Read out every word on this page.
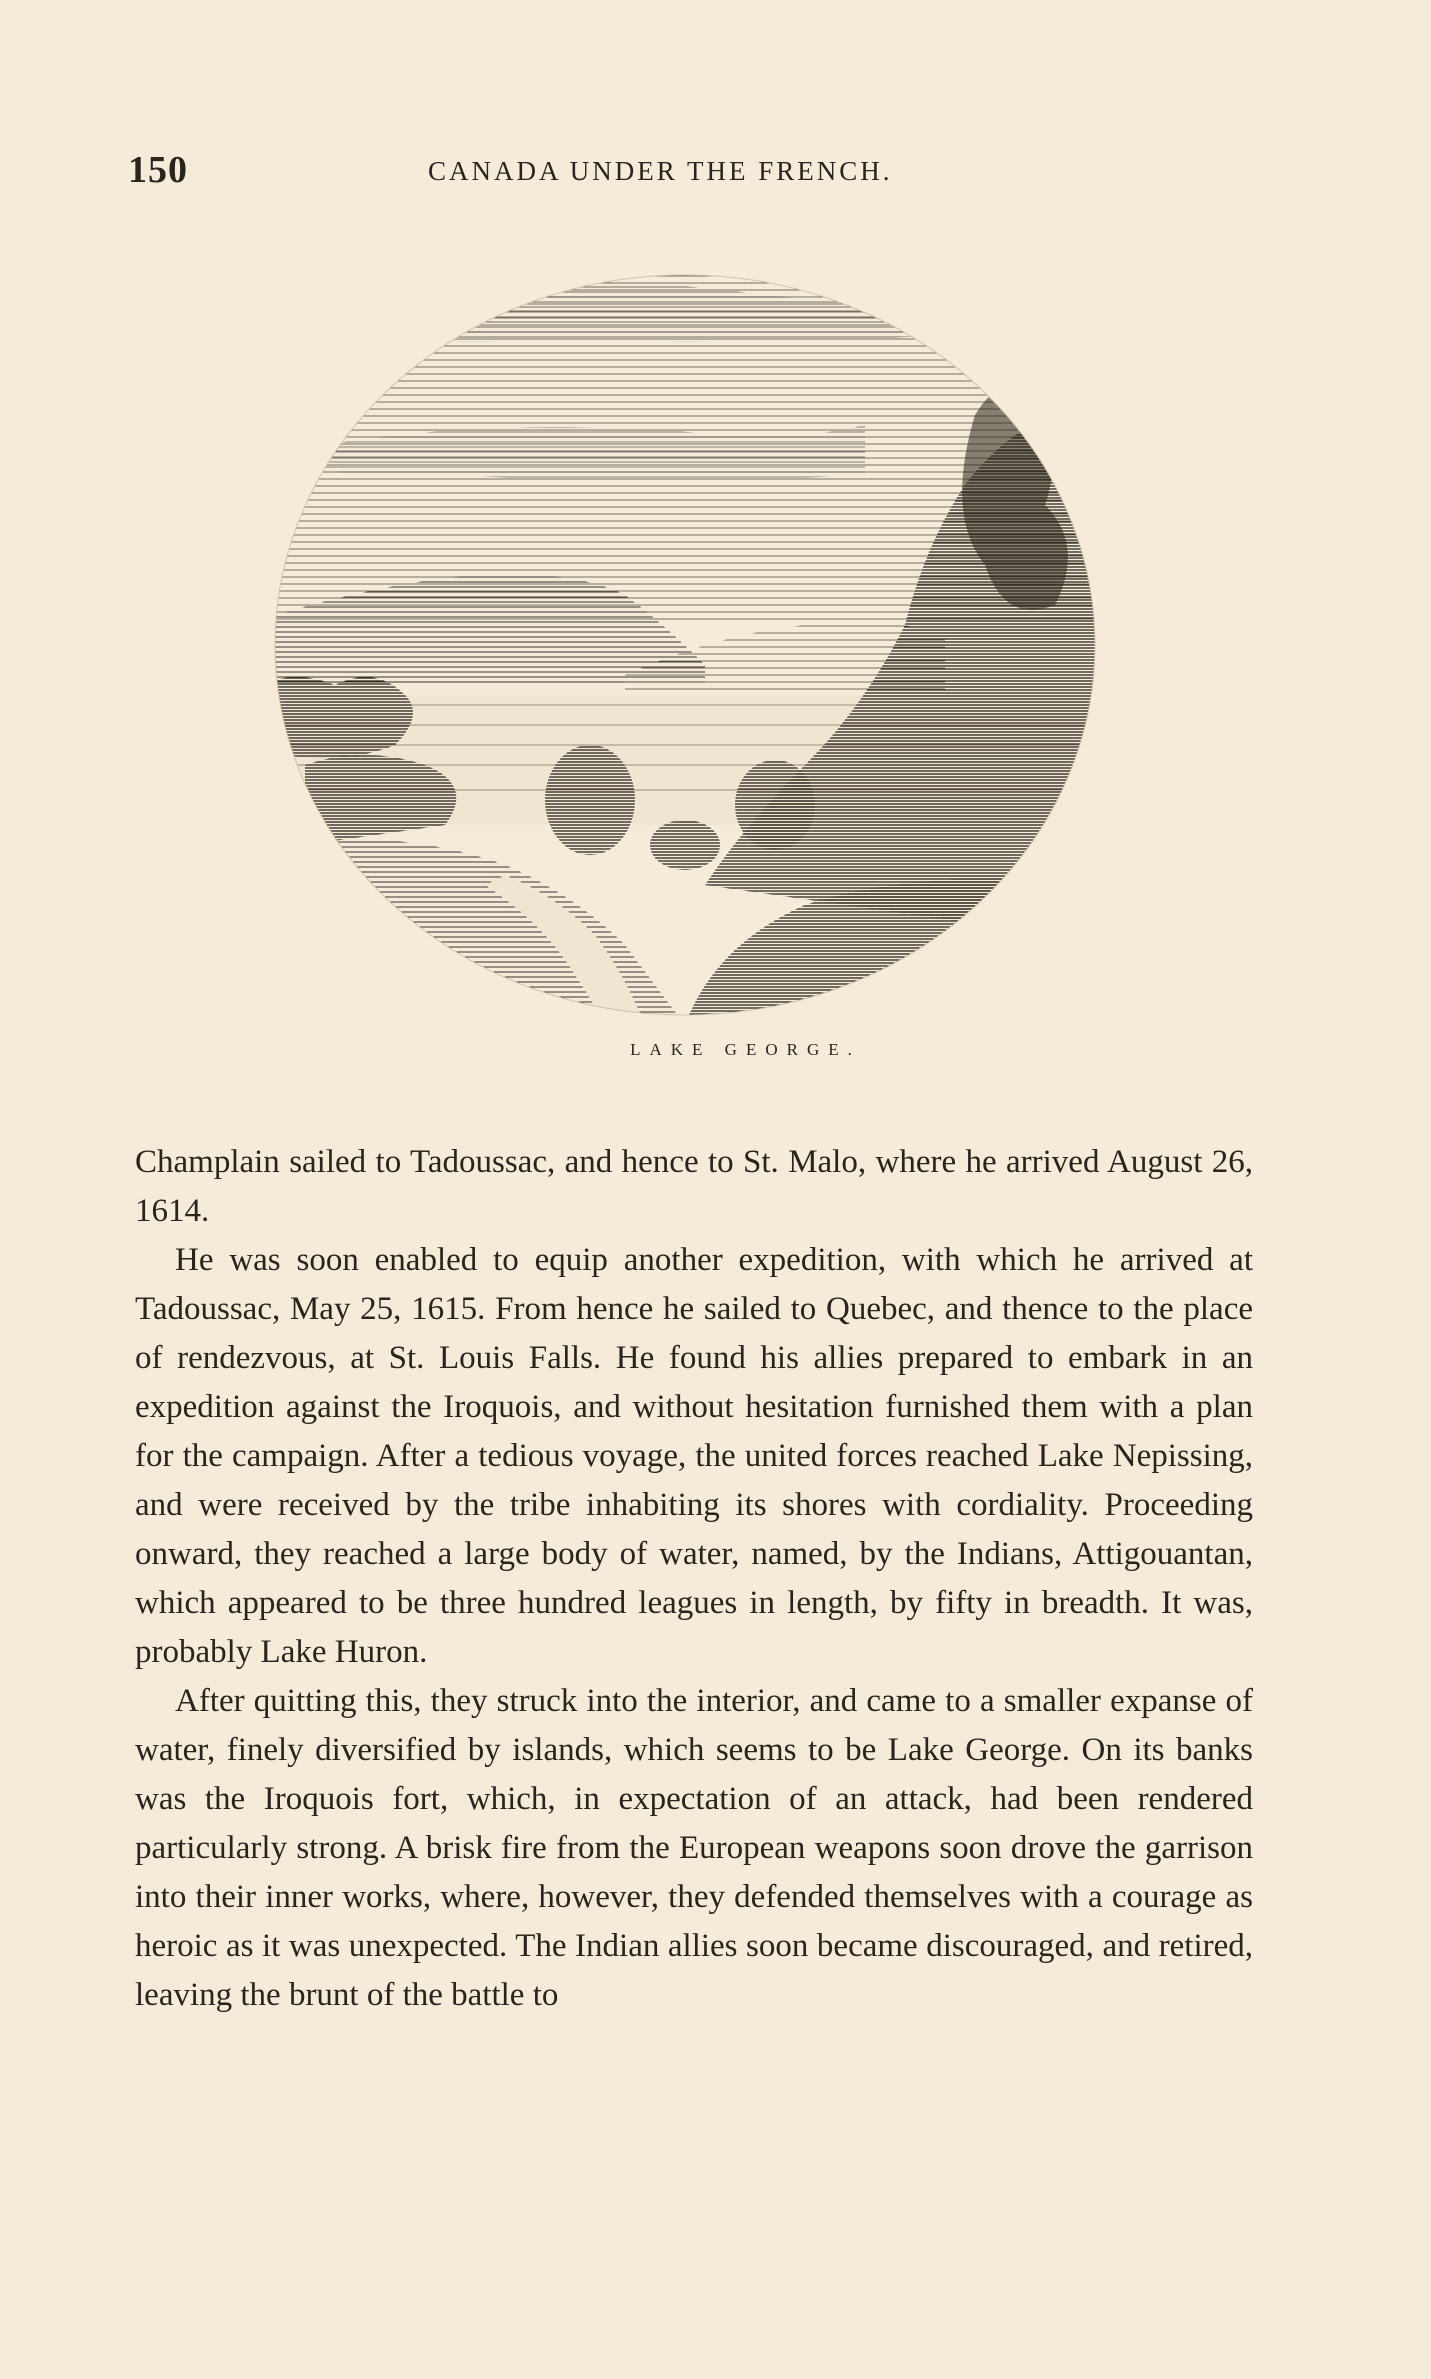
150	CANADA UNDER THE FRENCH.
LAKE GEORGE.

Champlain sailed to Tadoussac, and hence to St. Malo, where he arrived August 26, 1614.

He was soon enabled to equip another expedition, with which he arrived at Tadoussac, May 25, 1615. From hence he sailed to Quebec, and thence to the place of rendezvous, at St. Louis Falls. He found his allies prepared to embark in an expedition against the Iroquois, and without hesitation furnished them with a plan for the campaign. After a tedious voyage, the united forces reached Lake Nepissing, and were received by the tribe inhabiting its shores with cordiality. Proceeding onward, they reached a large body of water, named, by the Indians, Attigouantan, which appeared to be three hundred leagues in length, by fifty in breadth. It was, probably Lake Huron.

After quitting this, they struck into the interior, and came to a smaller expanse of water, finely diversified by islands, which seems to be Lake George. On its banks was the Iroquois fort, which, in expectation of an attack, had been rendered particularly strong. A brisk fire from the European weapons soon drove the garrison into their inner works, where, however, they defended themselves with a courage as heroic as it was unexpected. The Indian allies soon became discouraged, and retired, leaving the brunt of the battle to
